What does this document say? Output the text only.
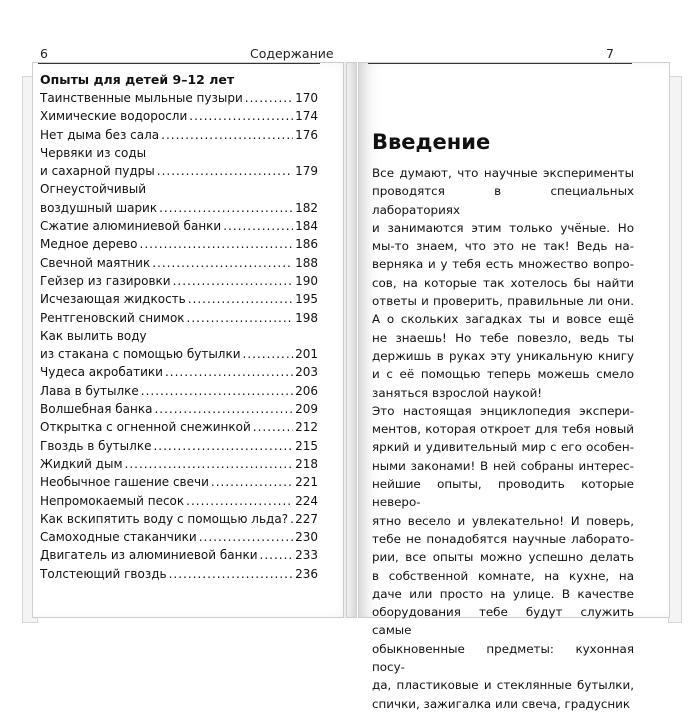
6	Содержание
Опыты для детей 9–12 лет
Таинственные мыльные пузыри .....	170
Химические водоросли .....	174
Нет дыма без сала .....	176
Червяки из соды
и сахарной пудры .....	179
Огнеустойчивый
воздушный шарик .....	182
Сжатие алюминиевой банки .....	184
Медное дерево .....	186
Свечной маятник .....	188
Гейзер из газировки .....	190
Исчезающая жидкость .....	195
Рентгеновский снимок .....	198
Как вылить воду
из стакана с помощью бутылки .....	201
Чудеса акробатики .....	203
Лава в бутылке .....	206
Волшебная банка .....	209
Открытка с огненной снежинкой .....	212
Гвоздь в бутылке .....	215
Жидкий дым .....	218
Необычное гашение свечи .....	221
Непромокаемый песок .....	224
Как вскипятить воду с помощью льда? ..... 227
Самоходные стаканчики .....	230
Двигатель из алюминиевой банки .....	233
Толстеющий гвоздь .....	236
7
Введение
Все думают, что научные эксперименты
проводятся в специальных лабораториях
и занимаются этим только учёные. Но
мы-то знаем, что это не так! Ведь на-
верняка и у тебя есть множество вопро-
сов, на которые так хотелось бы найти
ответы и проверить, правильные ли они.
А о скольких загадках ты и вовсе ещё
не знаешь! Но тебе повезло, ведь ты
держишь в руках эту уникальную книгу
и с её помощью теперь можешь смело
заняться взрослой наукой!
Это настоящая энциклопедия экспери-
ментов, которая откроет для тебя новый
яркий и удивительный мир с его особен-
ными законами! В ней собраны интерес-
нейшие опыты, проводить которые неверо-
ятно весело и увлекательно! И поверь,
тебе не понадобятся научные лаборато-
рии, все опыты можно успешно делать
в собственной комнате, на кухне, на
даче или просто на улице. В качестве
оборудования тебе будут служить самые
обыкновенные предметы: кухонная посу-
да, пластиковые и стеклянные бутылки,
спички, зажигалка или свеча, градусник
